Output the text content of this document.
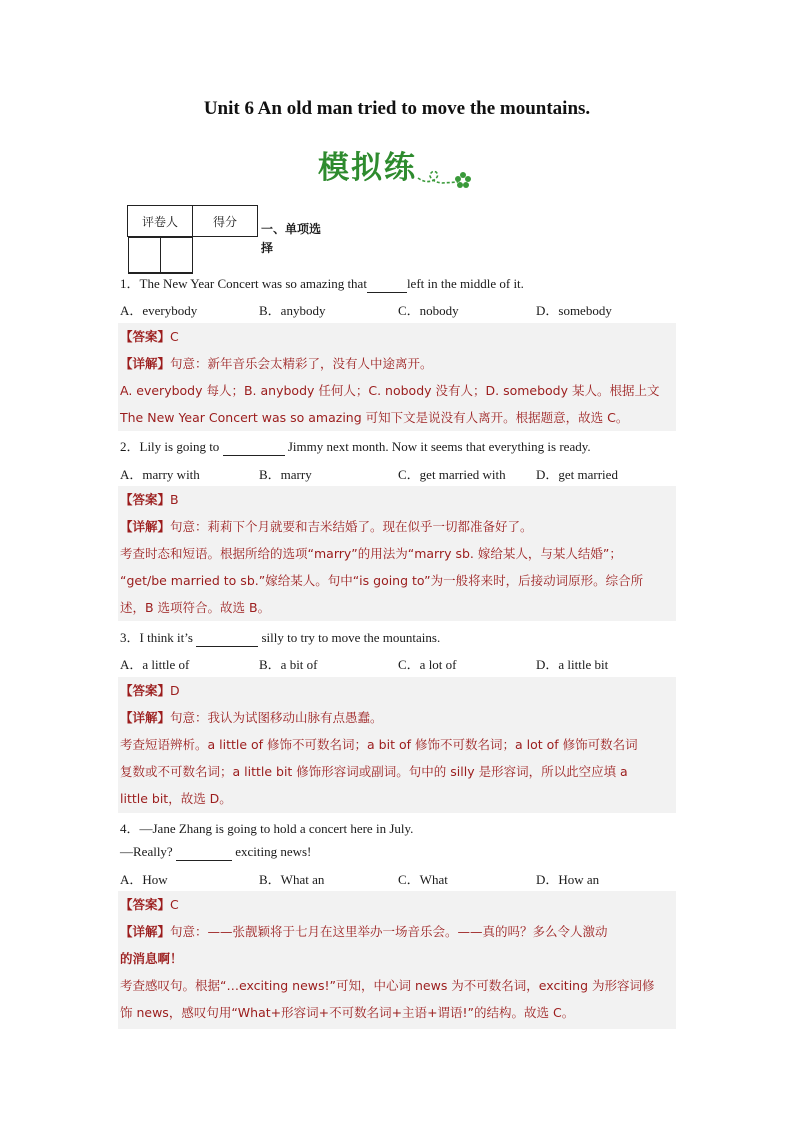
Unit 6 An old man tried to move the mountains.
模拟练
评卷人	得分

一、单项选
择
1．The New Year Concert was so amazing that	left in the middle of it.
A．everybody	B．anybody	C．nobody	D．somebody
【答案】C
【详解】句意：新年音乐会太精彩了，没有人中途离开。
A. everybody 每人；B. anybody 任何人；C. nobody 没有人；D. somebody 某人。根据上文
The New Year Concert was so amazing 可知下文是说没有人离开。根据题意，故选 C。
2．Lily is going to	Jimmy next month. Now it seems that everything is ready.
A．marry with	B．marry	C．get married with D．get married
【答案】B
【详解】句意：莉莉下个月就要和吉米结婚了。现在似乎一切都准备好了。
考查时态和短语。根据所给的选项“marry”的用法为“marry sb. 嫁给某人，与某人结婚”；
“get/be married to sb.”嫁给某人。句中“is going to”为一般将来时，后接动词原形。综合所
述，B 选项符合。故选 B。
3．I think it’s	silly to try to move the mountains.
A．a little of	B．a bit of	C．a lot of	D．a little bit
【答案】D
【详解】句意：我认为试图移动山脉有点愚蠢。
考查短语辨析。a little of 修饰不可数名词；a bit of 修饰不可数名词；a lot of 修饰可数名词
复数或不可数名词；a little bit 修饰形容词或副词。句中的 silly 是形容词，所以此空应填 a
little bit，故选 D。
4．—Jane Zhang is going to hold a concert here in July.
—Really?	exciting news!
A．How	B．What an	C．What	D．How an
【答案】C
【详解】句意：——张靓颖将于七月在这里举办一场音乐会。——真的吗？多么令人激动
的消息啊！
考查感叹句。根据“…exciting news!”可知，中心词 news 为不可数名词，exciting 为形容词修
饰 news，感叹句用“What+形容词+不可数名词+主语+谓语!”的结构。故选 C。
